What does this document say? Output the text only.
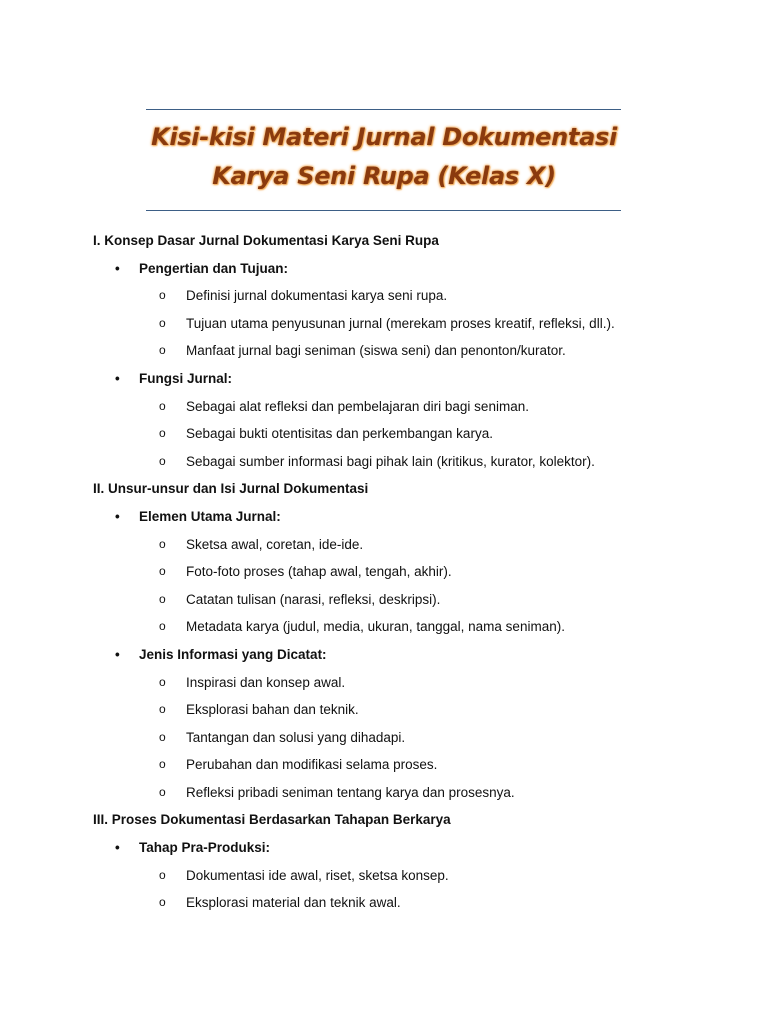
Kisi-kisi Materi Jurnal Dokumentasi
Karya Seni Rupa (Kelas X)
I. Konsep Dasar Jurnal Dokumentasi Karya Seni Rupa
• Pengertian dan Tujuan:
o Definisi jurnal dokumentasi karya seni rupa.
o Tujuan utama penyusunan jurnal (merekam proses kreatif, refleksi, dll.).
o Manfaat jurnal bagi seniman (siswa seni) dan penonton/kurator.
• Fungsi Jurnal:
o Sebagai alat refleksi dan pembelajaran diri bagi seniman.
o Sebagai bukti otentisitas dan perkembangan karya.
o Sebagai sumber informasi bagi pihak lain (kritikus, kurator, kolektor).
II. Unsur-unsur dan Isi Jurnal Dokumentasi
• Elemen Utama Jurnal:
o Sketsa awal, coretan, ide-ide.
o Foto-foto proses (tahap awal, tengah, akhir).
o Catatan tulisan (narasi, refleksi, deskripsi).
o Metadata karya (judul, media, ukuran, tanggal, nama seniman).
• Jenis Informasi yang Dicatat:
o Inspirasi dan konsep awal.
o Eksplorasi bahan dan teknik.
o Tantangan dan solusi yang dihadapi.
o Perubahan dan modifikasi selama proses.
o Refleksi pribadi seniman tentang karya dan prosesnya.
III. Proses Dokumentasi Berdasarkan Tahapan Berkarya
• Tahap Pra-Produksi:
o Dokumentasi ide awal, riset, sketsa konsep.
o Eksplorasi material dan teknik awal.
